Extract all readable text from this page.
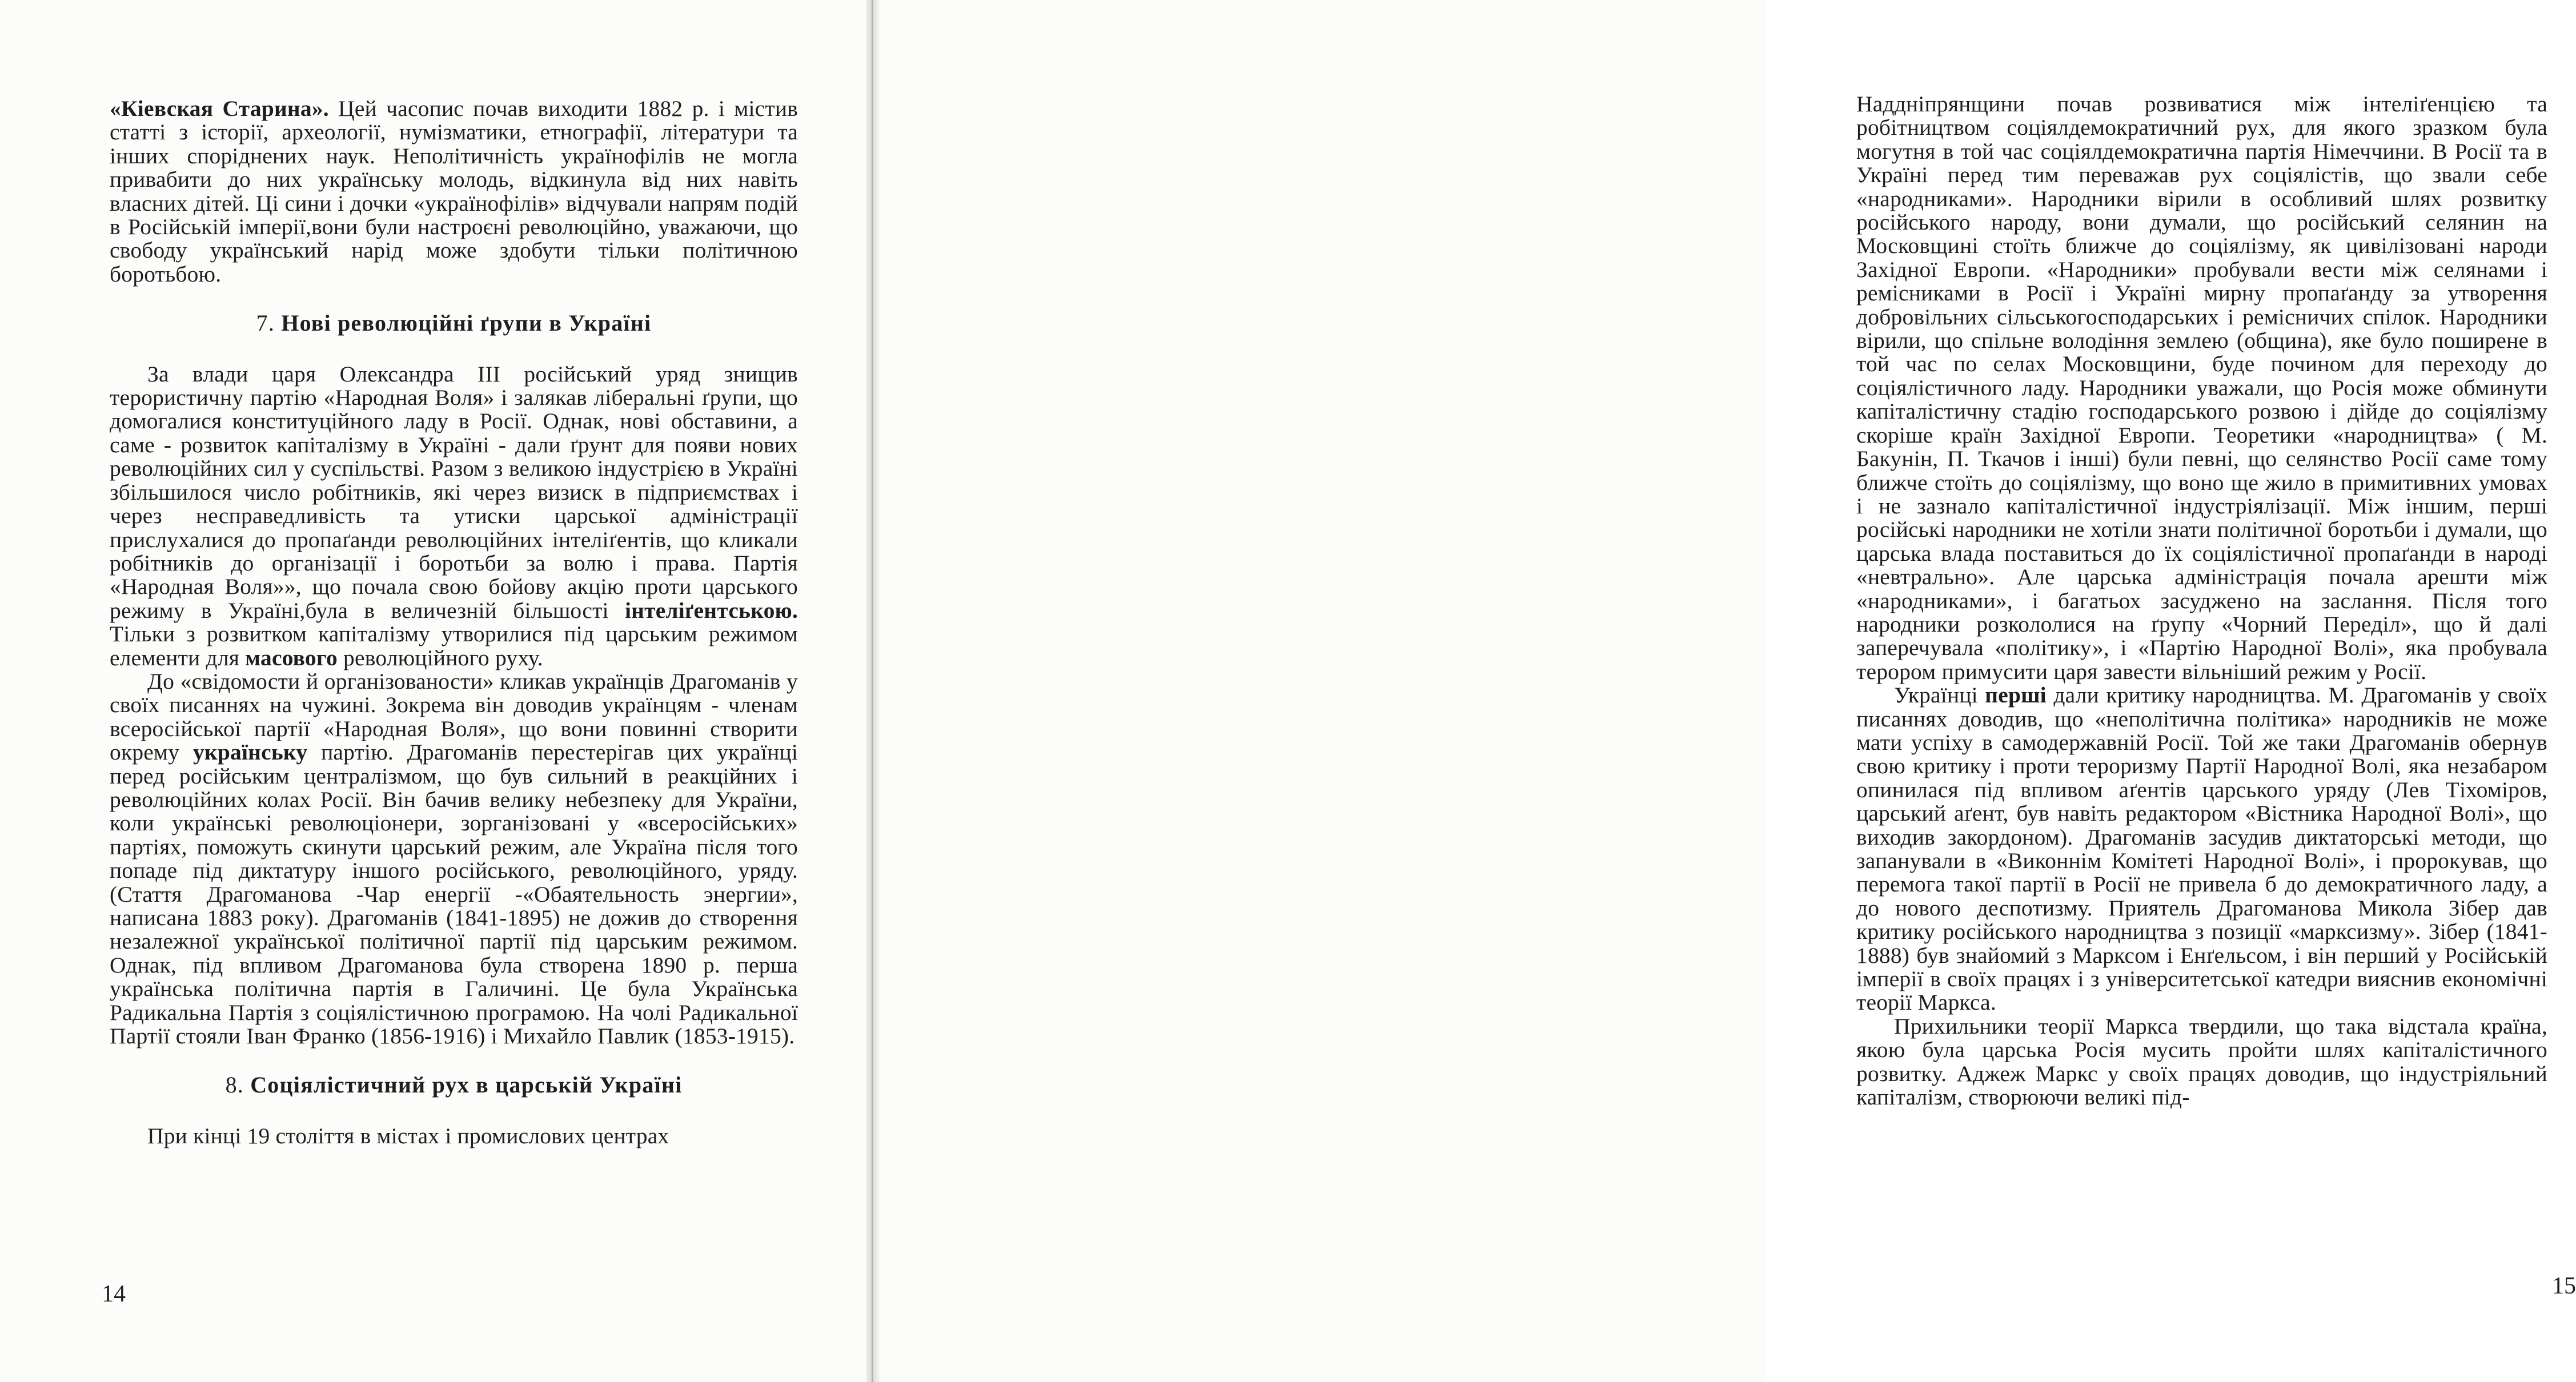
«Кіевская Старина». Цей часопис почав виходити 1882 р. і містив статті з історії, археології, нумізматики, етнографії, літератури та інших споріднених наук. Неполітичність українофілів не могла привабити до них українську молодь, відкинула від них навіть власних дітей. Ці сини і дочки «українофілів» відчували напрям подій в Російській імперії,вони були настроєні революційно, уважаючи, що свободу український нарід може здобути тільки політичною боротьбою.

7. Нові революційні ґрупи в Україні

За влади царя Олександра III російський уряд знищив терористичну партію «Народная Воля» і залякав ліберальні ґрупи, що домогалися конституційного ладу в Росії. Однак, нові обставини, а саме - розвиток капіталізму в Україні - дали ґрунт для появи нових революційних сил у суспільстві. Разом з великою індустрією в Україні збільшилося число робітників, які через визиск в підприємствах і через несправедливість та утиски царської адміністрації прислухалися до пропаґанди революційних інтеліґентів, що кликали робітників до організації і боротьби за волю і права. Партія «Народная Воля»», що почала свою бойову акцію проти царського режиму в Україні,була в величезній більшості інтеліґентською. Тільки з розвитком капіталізму утворилися під царським режимом елементи для масового революційного руху.

До «свідомости й організованости» кликав українців Драгоманів у своїх писаннях на чужині. Зокрема він доводив українцям - членам всеросійської партії «Народная Воля», що вони повинні створити окрему українську партію. Драгоманів перестерігав цих українці перед російським централізмом, що був сильний в реакційних і революційних колах Росії. Він бачив велику небезпеку для України, коли українські революціонери, зорганізовані у «всеросійських» партіях, поможуть скинути царський режим, але Україна після того попаде під диктатуру іншого російського, революційного, уряду. (Стаття Драгоманова -Чар енергії -«Обаятельность энергии», написана 1883 року). Драгоманів (1841-1895) не дожив до створення незалежної української політичної партії під царським режимом. Однак, під впливом Драгоманова була створена 1890 р. перша українська політична партія в Галичині. Це була Українська Радикальна Партія з соціялістичною програмою. На чолі Радикальної Партії стояли Іван Франко (1856-1916) і Михайло Павлик (1853-1915).

8. Соціялістичний рух в царській Україні

При кінці 19 століття в містах і промислових центрах

14

Наддніпрянщини почав розвиватися між інтеліґенцією та робітництвом соціялдемократичний рух, для якого зразком була могутня в той час соціялдемократична партія Німеччини. В Росії та в Україні перед тим переважав рух соціялістів, що звали себе «народниками». Народники вірили в особливий шлях розвитку російського народу, вони думали, що російський селянин на Московщині стоїть ближче до соціялізму, як цивілізовані народи Західної Европи. «Народники» пробували вести між селянами і ремісниками в Росії і Україні мирну пропаґанду за утворення добровільних сільськогосподарських і ремісничих спілок. Народники вірили, що спільне володіння землею (община), яке було поширене в той час по селах Московщини, буде почином для переходу до соціялістичного ладу. Народники уважали, що Росія може обминути капіталістичну стадію господарського розвою і дійде до соціялізму скоріше країн Західної Европи. Теоретики «народництва» ( М. Бакунін, П. Ткачов і інші) були певні, що селянство Росії саме тому ближче стоїть до соціялізму, що воно ще жило в примитивних умовах і не зазнало капіталістичної індустріялізації. Між іншим, перші російські народники не хотіли знати політичної боротьби і думали, що царська влада поставиться до їх соціялістичної пропаґанди в народі «невтрально». Але царська адміністрація почала арешти між «народниками», і багатьох засуджено на заслання. Після того народники розкололися на ґрупу «Чорний Переділ», що й далі заперечувала «політику», і «Партію Народної Волі», яка пробувала терором примусити царя завести вільніший режим у Росії.

Українці перші дали критику народництва. М. Драгоманів у своїх писаннях доводив, що «неполітична політика» народників не може мати успіху в самодержавній Росії. Той же таки Драгоманів обернув свою критику і проти тероризму Партії Народної Волі, яка незабаром опинилася під впливом аґентів царського уряду (Лев Тіхоміров, царський аґент, був навіть редактором «Вістника Народної Волі», що виходив закордоном). Драгоманів засудив диктаторські методи, що запанували в «Виконнім Комітеті Народної Волі», і пророкував, що перемога такої партії в Росії не привела б до демократичного ладу, а до нового деспотизму. Приятель Драгоманова Микола Зібер дав критику російського народництва з позиції «марксизму». Зібер (1841-1888) був знайомий з Марксом і Енґельсом, і він перший у Російській імперії в своїх працях і з університетської катедри вияснив економічні теорії Маркса.

Прихильники теорії Маркса твердили, що така відстала країна, якою була царська Росія мусить пройти шлях капіталістичного розвитку. Аджеж Маркс у своїх працях доводив, що індустріяльний капіталізм, створюючи великі під-

15
